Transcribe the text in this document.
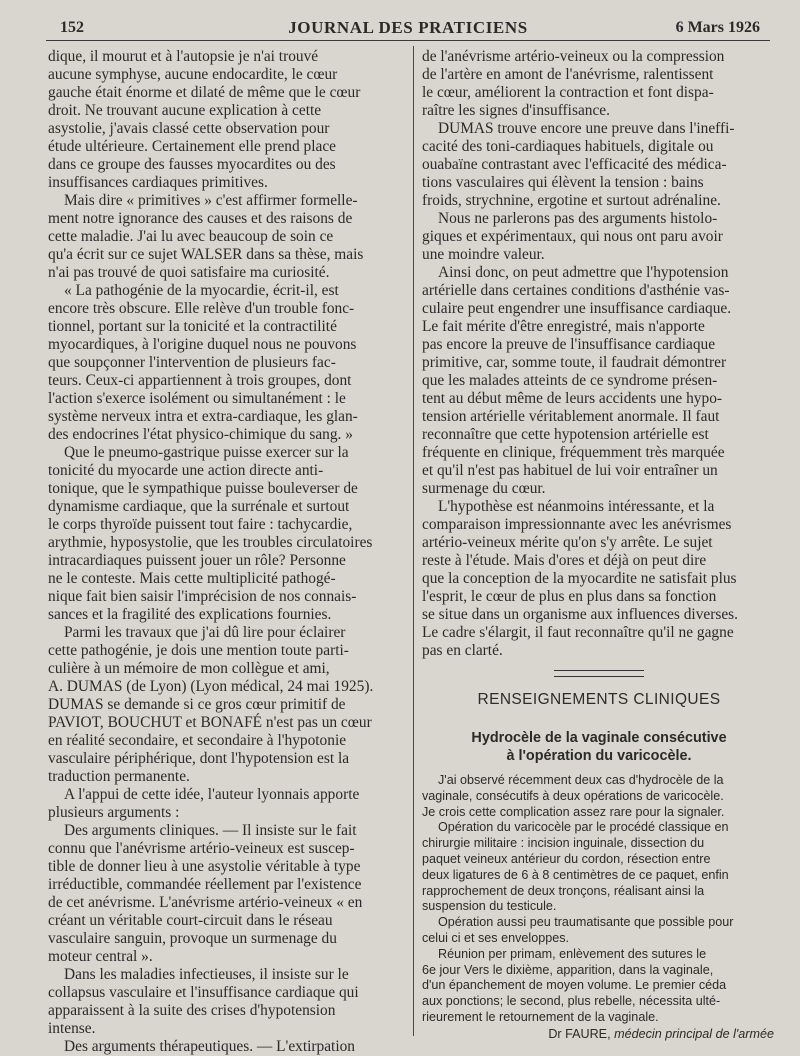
152	JOURNAL DES PRATICIENS	6 Mars 1926

dique, il mourut et à l'autopsie je n'ai trouvé

aucune symphyse, aucune endocardite, le cœur

gauche était énorme et dilaté de même que le cœur

droit. Ne trouvant aucune explication à cette

asystolie, j'avais classé cette observation pour

étude ultérieure. Certainement elle prend place

dans ce groupe des fausses myocardites ou des

insuffisances cardiaques primitives.

Mais dire « primitives » c'est affirmer formelle-

ment notre ignorance des causes et des raisons de

cette maladie. J'ai lu avec beaucoup de soin ce

qu'a écrit sur ce sujet WALSER dans sa thèse, mais

n'ai pas trouvé de quoi satisfaire ma curiosité.

« La pathogénie de la myocardie, écrit-il, est

encore très obscure. Elle relève d'un trouble fonc-

tionnel, portant sur la tonicité et la contractilité

myocardiques, à l'origine duquel nous ne pouvons

que soupçonner l'intervention de plusieurs fac-

teurs. Ceux-ci appartiennent à trois groupes, dont

l'action s'exerce isolément ou simultanément : le

système nerveux intra et extra-cardiaque, les glan-

des endocrines l'état physico-chimique du sang. »

Que le pneumo-gastrique puisse exercer sur la

tonicité du myocarde une action directe anti-

tonique, que le sympathique puisse bouleverser de

dynamisme cardiaque, que la surrénale et surtout

le corps thyroïde puissent tout faire : tachycardie,

arythmie, hyposystolie, que les troubles circulatoires

intracardiaques puissent jouer un rôle? Personne

ne le conteste. Mais cette multiplicité pathogé-

nique fait bien saisir l'imprécision de nos connais-

sances et la fragilité des explications fournies.

Parmi les travaux que j'ai dû lire pour éclairer

cette pathogénie, je dois une mention toute parti-

culière à un mémoire de mon collègue et ami,

A. DUMAS (de Lyon) (Lyon médical, 24 mai 1925).

DUMAS se demande si ce gros cœur primitif de

PAVIOT, BOUCHUT et BONAFÉ n'est pas un cœur

en réalité secondaire, et secondaire à l'hypotonie

vasculaire périphérique, dont l'hypotension est la

traduction permanente.

A l'appui de cette idée, l'auteur lyonnais apporte

plusieurs arguments :

Des arguments cliniques. — Il insiste sur le fait

connu que l'anévrisme artério-veineux est suscep-

tible de donner lieu à une asystolie véritable à type

irréductible, commandée réellement par l'existence

de cet anévrisme. L'anévrisme artério-veineux « en

créant un véritable court-circuit dans le réseau

vasculaire sanguin, provoque un surmenage du

moteur central ».

Dans les maladies infectieuses, il insiste sur le

collapsus vasculaire et l'insuffisance cardiaque qui

apparaissent à la suite des crises d'hypotension

intense.

Des arguments thérapeutiques. — L'extirpation

de l'anévrisme artério-veineux ou la compression

de l'artère en amont de l'anévrisme, ralentissent

le cœur, améliorent la contraction et font dispa-

raître les signes d'insuffisance.

DUMAS trouve encore une preuve dans l'ineffi-

cacité des toni-cardiaques habituels, digitale ou

ouabaïne contrastant avec l'efficacité des médica-

tions vasculaires qui élèvent la tension : bains

froids, strychnine, ergotine et surtout adrénaline.

Nous ne parlerons pas des arguments histolo-

giques et expérimentaux, qui nous ont paru avoir

une moindre valeur.

Ainsi donc, on peut admettre que l'hypotension

artérielle dans certaines conditions d'asthénie vas-

culaire peut engendrer une insuffisance cardiaque.

Le fait mérite d'être enregistré, mais n'apporte

pas encore la preuve de l'insuffisance cardiaque

primitive, car, somme toute, il faudrait démontrer

que les malades atteints de ce syndrome présen-

tent au début même de leurs accidents une hypo-

tension artérielle véritablement anormale. Il faut

reconnaître que cette hypotension artérielle est

fréquente en clinique, fréquemment très marquée

et qu'il n'est pas habituel de lui voir entraîner un

surmenage du cœur.

L'hypothèse est néanmoins intéressante, et la

comparaison impressionnante avec les anévrismes

artério-veineux mérite qu'on s'y arrête. Le sujet

reste à l'étude. Mais d'ores et déjà on peut dire

que la conception de la myocardite ne satisfait plus

l'esprit, le cœur de plus en plus dans sa fonction

se situe dans un organisme aux influences diverses.

Le cadre s'élargit, il faut reconnaître qu'il ne gagne

pas en clarté.

RENSEIGNEMENTS CLINIQUES
Hydrocèle de la vaginale consécutive
à l'opération du varicocèle.

J'ai observé récemment deux cas d'hydrocèle de la

vaginale, consécutifs à deux opérations de varicocèle.

Je crois cette complication assez rare pour la signaler.

Opération du varicocèle par le procédé classique en

chirurgie militaire : incision inguinale, dissection du

paquet veineux antérieur du cordon, résection entre

deux ligatures de 6 à 8 centimètres de ce paquet, enfin

rapprochement de deux tronçons, réalisant ainsi la

suspension du testicule.

Opération aussi peu traumatisante que possible pour

celui ci et ses enveloppes.

Réunion per primam, enlèvement des sutures le

6e jour Vers le dixième, apparition, dans la vaginale,

d'un épanchement de moyen volume. Le premier céda

aux ponctions; le second, plus rebelle, nécessita ulté-

rieurement le retournement de la vaginale.

Dr FAURE, médecin principal de l'armée
